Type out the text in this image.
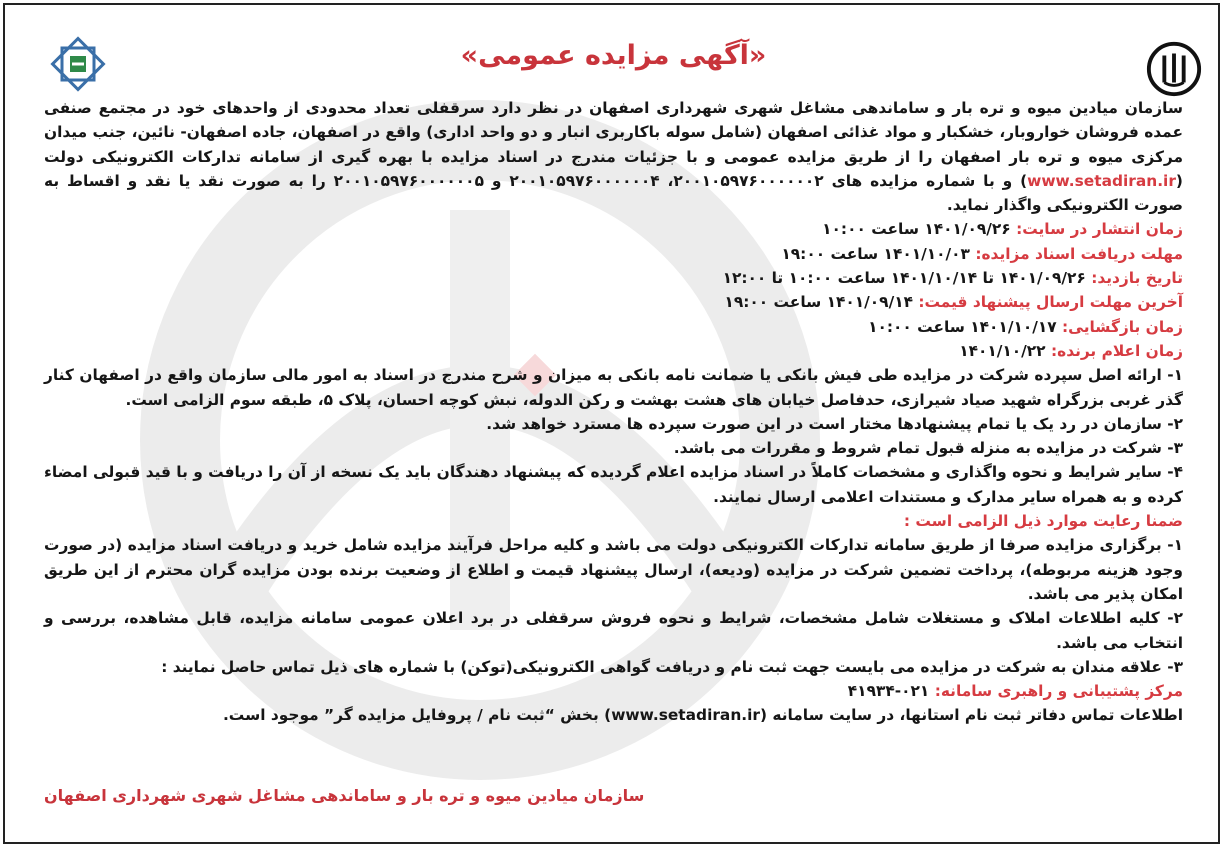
«آگهی مزایده عمومی»

سازمان میادین میوه و تره بار و ساماندهی مشاغل شهری شهرداری اصفهان در نظر دارد سرقفلی تعداد محدودی از واحدهای خود در مجتمع صنفی عمده فروشان خواروبار، خشکبار و مواد غذائی اصفهان (شامل سوله باکاربری انبار و دو واحد اداری) واقع در اصفهان، جاده اصفهان- نائین، جنب میدان مرکزی میوه و تره بار اصفهان را از طریق مزایده عمومی و با جزئیات مندرج در اسناد مزایده با بهره گیری از سامانه تدارکات الکترونیکی دولت (www.setadiran.ir) و با شماره مزایده های ۲۰۰۱۰۵۹۷۶۰۰۰۰۰۰۲، ۲۰۰۱۰۵۹۷۶۰۰۰۰۰۰۴ و ۲۰۰۱۰۵۹۷۶۰۰۰۰۰۰۵ را به صورت نقد یا نقد و اقساط به صورت الکترونیکی واگذار نماید.

زمان انتشار در سایت: ۱۴۰۱/۰۹/۲۶ ساعت ۱۰:۰۰

مهلت دریافت اسناد مزایده: ۱۴۰۱/۱۰/۰۳ ساعت ۱۹:۰۰

تاریخ بازدید: ۱۴۰۱/۰۹/۲۶ تا ۱۴۰۱/۱۰/۱۴ ساعت ۱۰:۰۰ تا ۱۲:۰۰

آخرین مهلت ارسال پیشنهاد قیمت: ۱۴۰۱/۰۹/۱۴ ساعت ۱۹:۰۰

زمان بازگشایی: ۱۴۰۱/۱۰/۱۷ ساعت ۱۰:۰۰

زمان اعلام برنده: ۱۴۰۱/۱۰/۲۲

۱- ارائه اصل سپرده شرکت در مزایده طی فیش بانکی یا ضمانت نامه بانکی به میزان و شرح مندرج در اسناد به امور مالی سازمان واقع در اصفهان کنار گذر غربی بزرگراه شهید صیاد شیرازی، حدفاصل خیابان های هشت بهشت و رکن الدوله، نبش کوچه احسان، پلاک ۵، طبقه سوم الزامی است.

۲- سازمان در رد یک یا تمام پیشنهادها مختار است در این صورت سپرده ها مسترد خواهد شد.

۳- شرکت در مزایده به منزله قبول تمام شروط و مقررات می باشد.

۴- سایر شرایط و نحوه واگذاری و مشخصات کاملاً در اسناد مزایده اعلام گردیده که پیشنهاد دهندگان باید یک نسخه از آن را دریافت و با قید قبولی امضاء کرده و به همراه سایر مدارک و مستندات اعلامی ارسال نمایند.

ضمنا رعایت موارد ذیل الزامی است :

۱- برگزاری مزایده صرفا از طریق سامانه تدارکات الکترونیکی دولت می باشد و کلیه مراحل فرآیند مزایده شامل خرید و دریافت اسناد مزایده (در صورت وجود هزینه مربوطه)، پرداخت تضمین شرکت در مزایده (ودیعه)، ارسال پیشنهاد قیمت و اطلاع از وضعیت برنده بودن مزایده گران محترم از این طریق امکان پذیر می باشد.

۲- کلیه اطلاعات املاک و مستغلات شامل مشخصات، شرایط و نحوه فروش سرقفلی در برد اعلان عمومی سامانه مزایده، قابل مشاهده، بررسی و انتخاب می باشد.

۳- علاقه مندان به شرکت در مزایده می بایست جهت ثبت نام و دریافت گواهی الکترونیکی(توکن) با شماره های ذیل تماس حاصل نمایند :

مرکز پشتیبانی و راهبری سامانه: ۰۲۱-۴۱۹۳۴

اطلاعات تماس دفاتر ثبت نام استانها، در سایت سامانه (www.setadiran.ir) بخش “ثبت نام / پروفایل مزایده گر” موجود است.

سازمان میادین میوه و تره بار و ساماندهی مشاغل شهری شهرداری اصفهان
